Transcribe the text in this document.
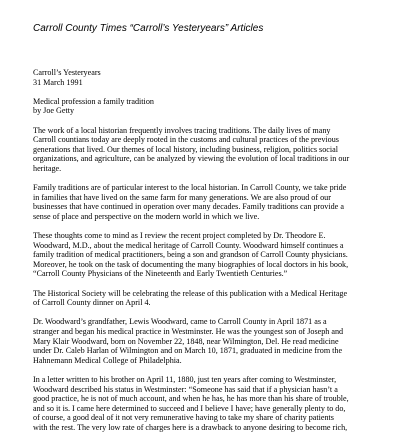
Carroll County Times “Carroll’s Yesteryears” Articles
Carroll’s Yesteryears
31 March 1991
Medical profession a family tradition
by Joe Getty

The work of a local historian frequently involves tracing traditions. The daily lives of many
Carroll countians today are deeply rooted in the customs and cultural practices of the previous
generations that lived. Our themes of local history, including business, religion, politics social
organizations, and agriculture, can be analyzed by viewing the evolution of local traditions in our
heritage.

Family traditions are of particular interest to the local historian. In Carroll County, we take pride
in families that have lived on the same farm for many generations. We are also proud of our
businesses that have continued in operation over many decades. Family traditions can provide a
sense of place and perspective on the modern world in which we live.

These thoughts come to mind as I review the recent project completed by Dr. Theodore E.
Woodward, M.D., about the medical heritage of Carroll County. Woodward himself continues a
family tradition of medical practitioners, being a son and grandson of Carroll County physicians.
Moreover, he took on the task of documenting the many biographies of local doctors in his book,
“Carroll County Physicians of the Nineteenth and Early Twentieth Centuries.”

The Historical Society will be celebrating the release of this publication with a Medical Heritage
of Carroll County dinner on April 4.

Dr. Woodward’s grandfather, Lewis Woodward, came to Carroll County in April 1871 as a
stranger and began his medical practice in Westminster. He was the youngest son of Joseph and
Mary Klair Woodward, born on November 22, 1848, near Wilmington, Del. He read medicine
under Dr. Caleb Harlan of Wilmington and on March 10, 1871, graduated in medicine from the
Hahnemann Medical College of Philadelphia.

In a letter written to his brother on April 11, 1880, just ten years after coming to Westminster,
Woodward described his status in Westminster: “Someone has said that if a physician hasn’t a
good practice, he is not of much account, and when he has, he has more than his share of trouble,
and so it is. I came here determined to succeed and I believe I have; have generally plenty to do,
of course, a good deal of it not very remunerative having to take my share of charity patients
with the rest. The very low rate of charges here is a drawback to anyone desiring to become rich,
